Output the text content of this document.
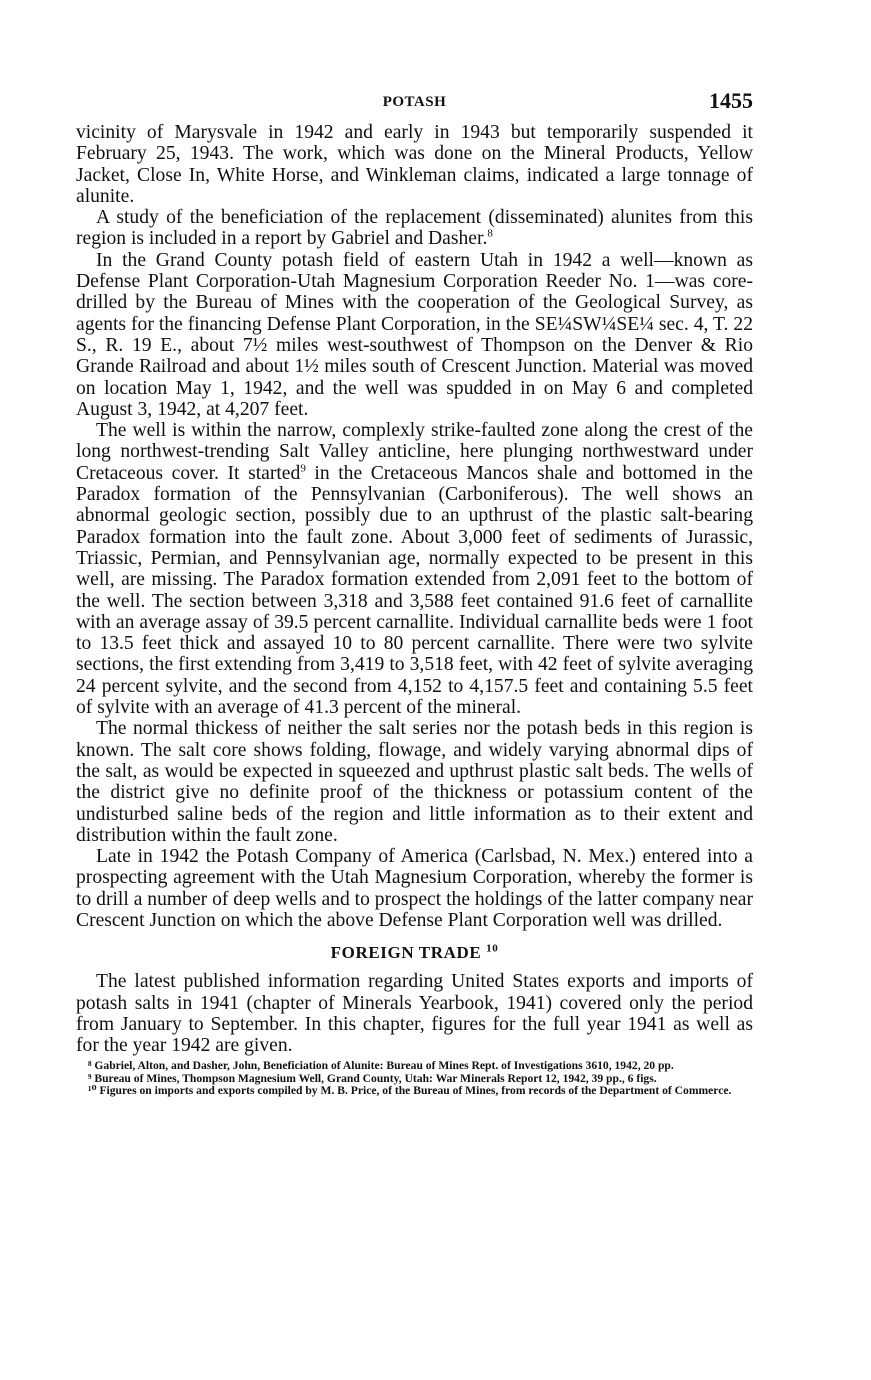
POTASH	1455

vicinity of Marysvale in 1942 and early in 1943 but temporarily suspended it February 25, 1943. The work, which was done on the Mineral Products, Yellow Jacket, Close In, White Horse, and Winkleman claims, indicated a large tonnage of alunite.

A study of the beneficiation of the replacement (disseminated) alunites from this region is included in a report by Gabriel and Dasher.$^8$

In the Grand County potash field of eastern Utah in 1942 a well—known as Defense Plant Corporation-Utah Magnesium Corporation Reeder No. 1—was core-drilled by the Bureau of Mines with the cooperation of the Geological Survey, as agents for the financing Defense Plant Corporation, in the SE¼SW¼SE¼ sec. 4, T. 22 S., R. 19 E., about 7½ miles west-southwest of Thompson on the Denver & Rio Grande Railroad and about 1½ miles south of Crescent Junction. Material was moved on location May 1, 1942, and the well was spudded in on May 6 and completed August 3, 1942, at 4,207 feet.

The well is within the narrow, complexly strike-faulted zone along the crest of the long northwest-trending Salt Valley anticline, here plunging northwestward under Cretaceous cover. It started$^9$ in the Cretaceous Mancos shale and bottomed in the Paradox formation of the Pennsylvanian (Carboniferous). The well shows an abnormal geologic section, possibly due to an upthrust of the plastic salt-bearing Paradox formation into the fault zone. About 3,000 feet of sediments of Jurassic, Triassic, Permian, and Pennsylvanian age, normally expected to be present in this well, are missing. The Paradox formation extended from 2,091 feet to the bottom of the well. The section between 3,318 and 3,588 feet contained 91.6 feet of carnallite with an average assay of 39.5 percent carnallite. Individual carnallite beds were 1 foot to 13.5 feet thick and assayed 10 to 80 percent carnallite. There were two sylvite sections, the first extending from 3,419 to 3,518 feet, with 42 feet of sylvite averaging 24 percent sylvite, and the second from 4,152 to 4,157.5 feet and containing 5.5 feet of sylvite with an average of 41.3 percent of the mineral.

The normal thickess of neither the salt series nor the potash beds in this region is known. The salt core shows folding, flowage, and widely varying abnormal dips of the salt, as would be expected in squeezed and upthrust plastic salt beds. The wells of the district give no definite proof of the thickness or potassium content of the undisturbed saline beds of the region and little information as to their extent and distribution within the fault zone.

Late in 1942 the Potash Company of America (Carlsbad, N. Mex.) entered into a prospecting agreement with the Utah Magnesium Corporation, whereby the former is to drill a number of deep wells and to prospect the holdings of the latter company near Crescent Junction on which the above Defense Plant Corporation well was drilled.

FOREIGN TRADE $^{10}$

The latest published information regarding United States exports and imports of potash salts in 1941 (chapter of Minerals Yearbook, 1941) covered only the period from January to September. In this chapter, figures for the full year 1941 as well as for the year 1942 are given.

⁸ Gabriel, Alton, and Dasher, John, Beneficiation of Alunite: Bureau of Mines Rept. of Investigations 3610, 1942, 20 pp.

⁹ Bureau of Mines, Thompson Magnesium Well, Grand County, Utah: War Minerals Report 12, 1942, 39 pp., 6 figs.

¹⁰ Figures on imports and exports compiled by M. B. Price, of the Bureau of Mines, from records of the Department of Commerce.
